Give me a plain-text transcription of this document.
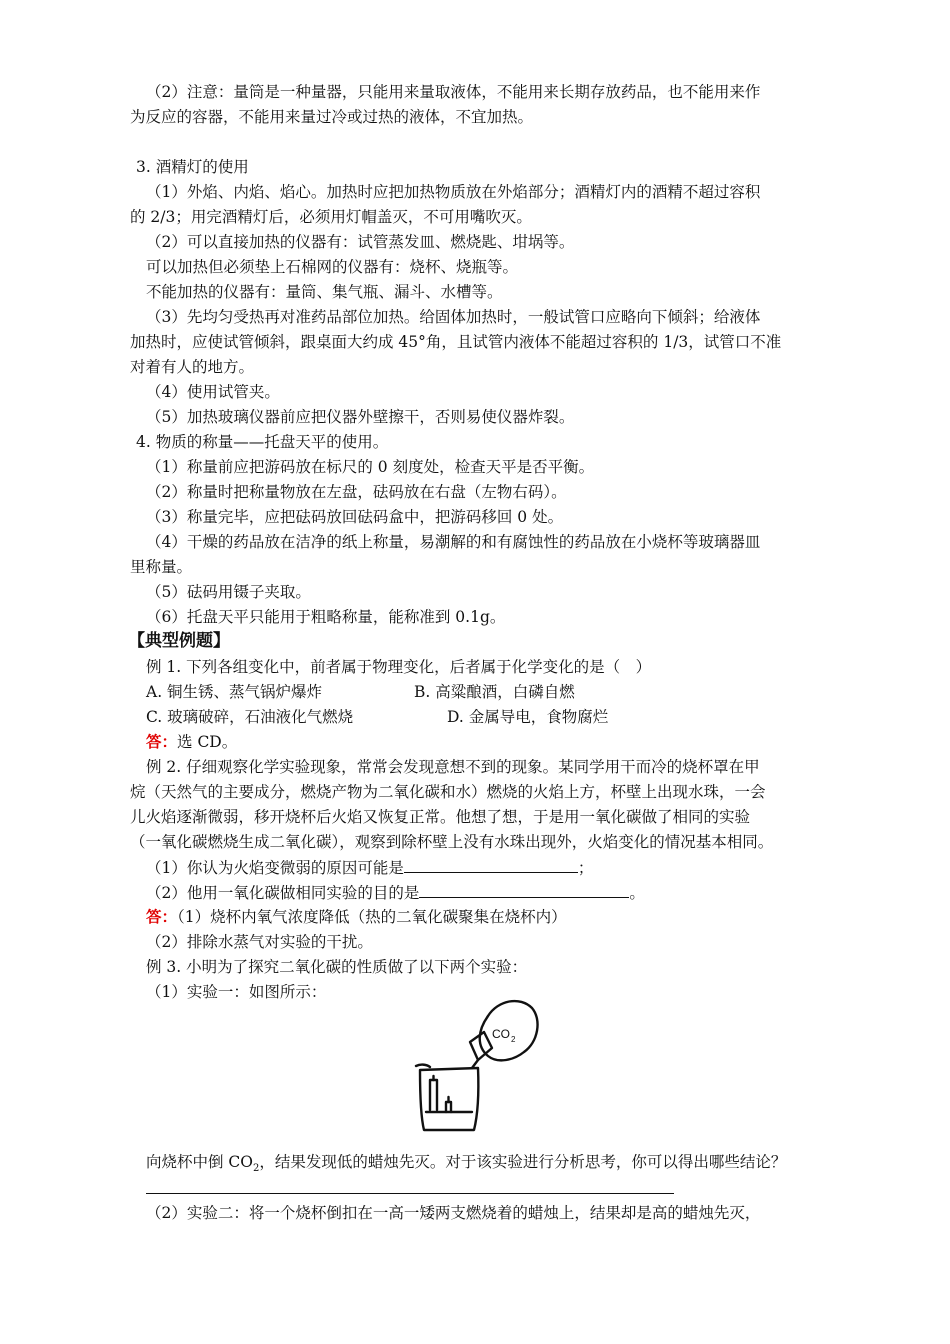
（2）注意：量筒是一种量器，只能用来量取液体，不能用来长期存放药品，也不能用来作
为反应的容器，不能用来量过冷或过热的液体，不宜加热。
3. 酒精灯的使用
（1）外焰、内焰、焰心。加热时应把加热物质放在外焰部分；酒精灯内的酒精不超过容积
的 2/3；用完酒精灯后，必须用灯帽盖灭，不可用嘴吹灭。
（2）可以直接加热的仪器有：试管蒸发皿、燃烧匙、坩埚等。
可以加热但必须垫上石棉网的仪器有：烧杯、烧瓶等。
不能加热的仪器有：量筒、集气瓶、漏斗、水槽等。
（3）先均匀受热再对准药品部位加热。给固体加热时，一般试管口应略向下倾斜；给液体
加热时，应使试管倾斜，跟桌面大约成 45°角，且试管内液体不能超过容积的 1/3，试管口不准
对着有人的地方。
（4）使用试管夹。
（5）加热玻璃仪器前应把仪器外壁擦干，否则易使仪器炸裂。
4. 物质的称量——托盘天平的使用。
（1）称量前应把游码放在标尺的 0 刻度处，检查天平是否平衡。
（2）称量时把称量物放在左盘，砝码放在右盘（左物右码）。
（3）称量完毕，应把砝码放回砝码盒中，把游码移回 0 处。
（4）干燥的药品放在洁净的纸上称量，易潮解的和有腐蚀性的药品放在小烧杯等玻璃器皿
里称量。
（5）砝码用镊子夹取。
（6）托盘天平只能用于粗略称量，能称准到 0.1g。
【典型例题】
例 1. 下列各组变化中，前者属于物理变化，后者属于化学变化的是（　）
A. 铜生锈、蒸气锅炉爆炸	B. 高粱酿酒，白磷自燃
C. 玻璃破碎，石油液化气燃烧	D. 金属导电，食物腐烂
答：选 CD。
例 2. 仔细观察化学实验现象，常常会发现意想不到的现象。某同学用干而冷的烧杯罩在甲
烷（天然气的主要成分，燃烧产物为二氧化碳和水）燃烧的火焰上方，杯壁上出现水珠，一会
儿火焰逐渐微弱，移开烧杯后火焰又恢复正常。他想了想，于是用一氧化碳做了相同的实验
（一氧化碳燃烧生成二氧化碳），观察到除杯壁上没有水珠出现外，火焰变化的情况基本相同。
（1）你认为火焰变微弱的原因可能是	；
（2）他用一氧化碳做相同实验的目的是	。
答：（1）烧杯内氧气浓度降低（热的二氧化碳聚集在烧杯内）
（2）排除水蒸气对实验的干扰。
例 3. 小明为了探究二氧化碳的性质做了以下两个实验：
（1）实验一：如图所示：
CO 2
向烧杯中倒 $CO_2$，结果发现低的蜡烛先灭。对于该实验进行分析思考，你可以得出哪些结论？
（2）实验二：将一个烧杯倒扣在一高一矮两支燃烧着的蜡烛上，结果却是高的蜡烛先灭，
